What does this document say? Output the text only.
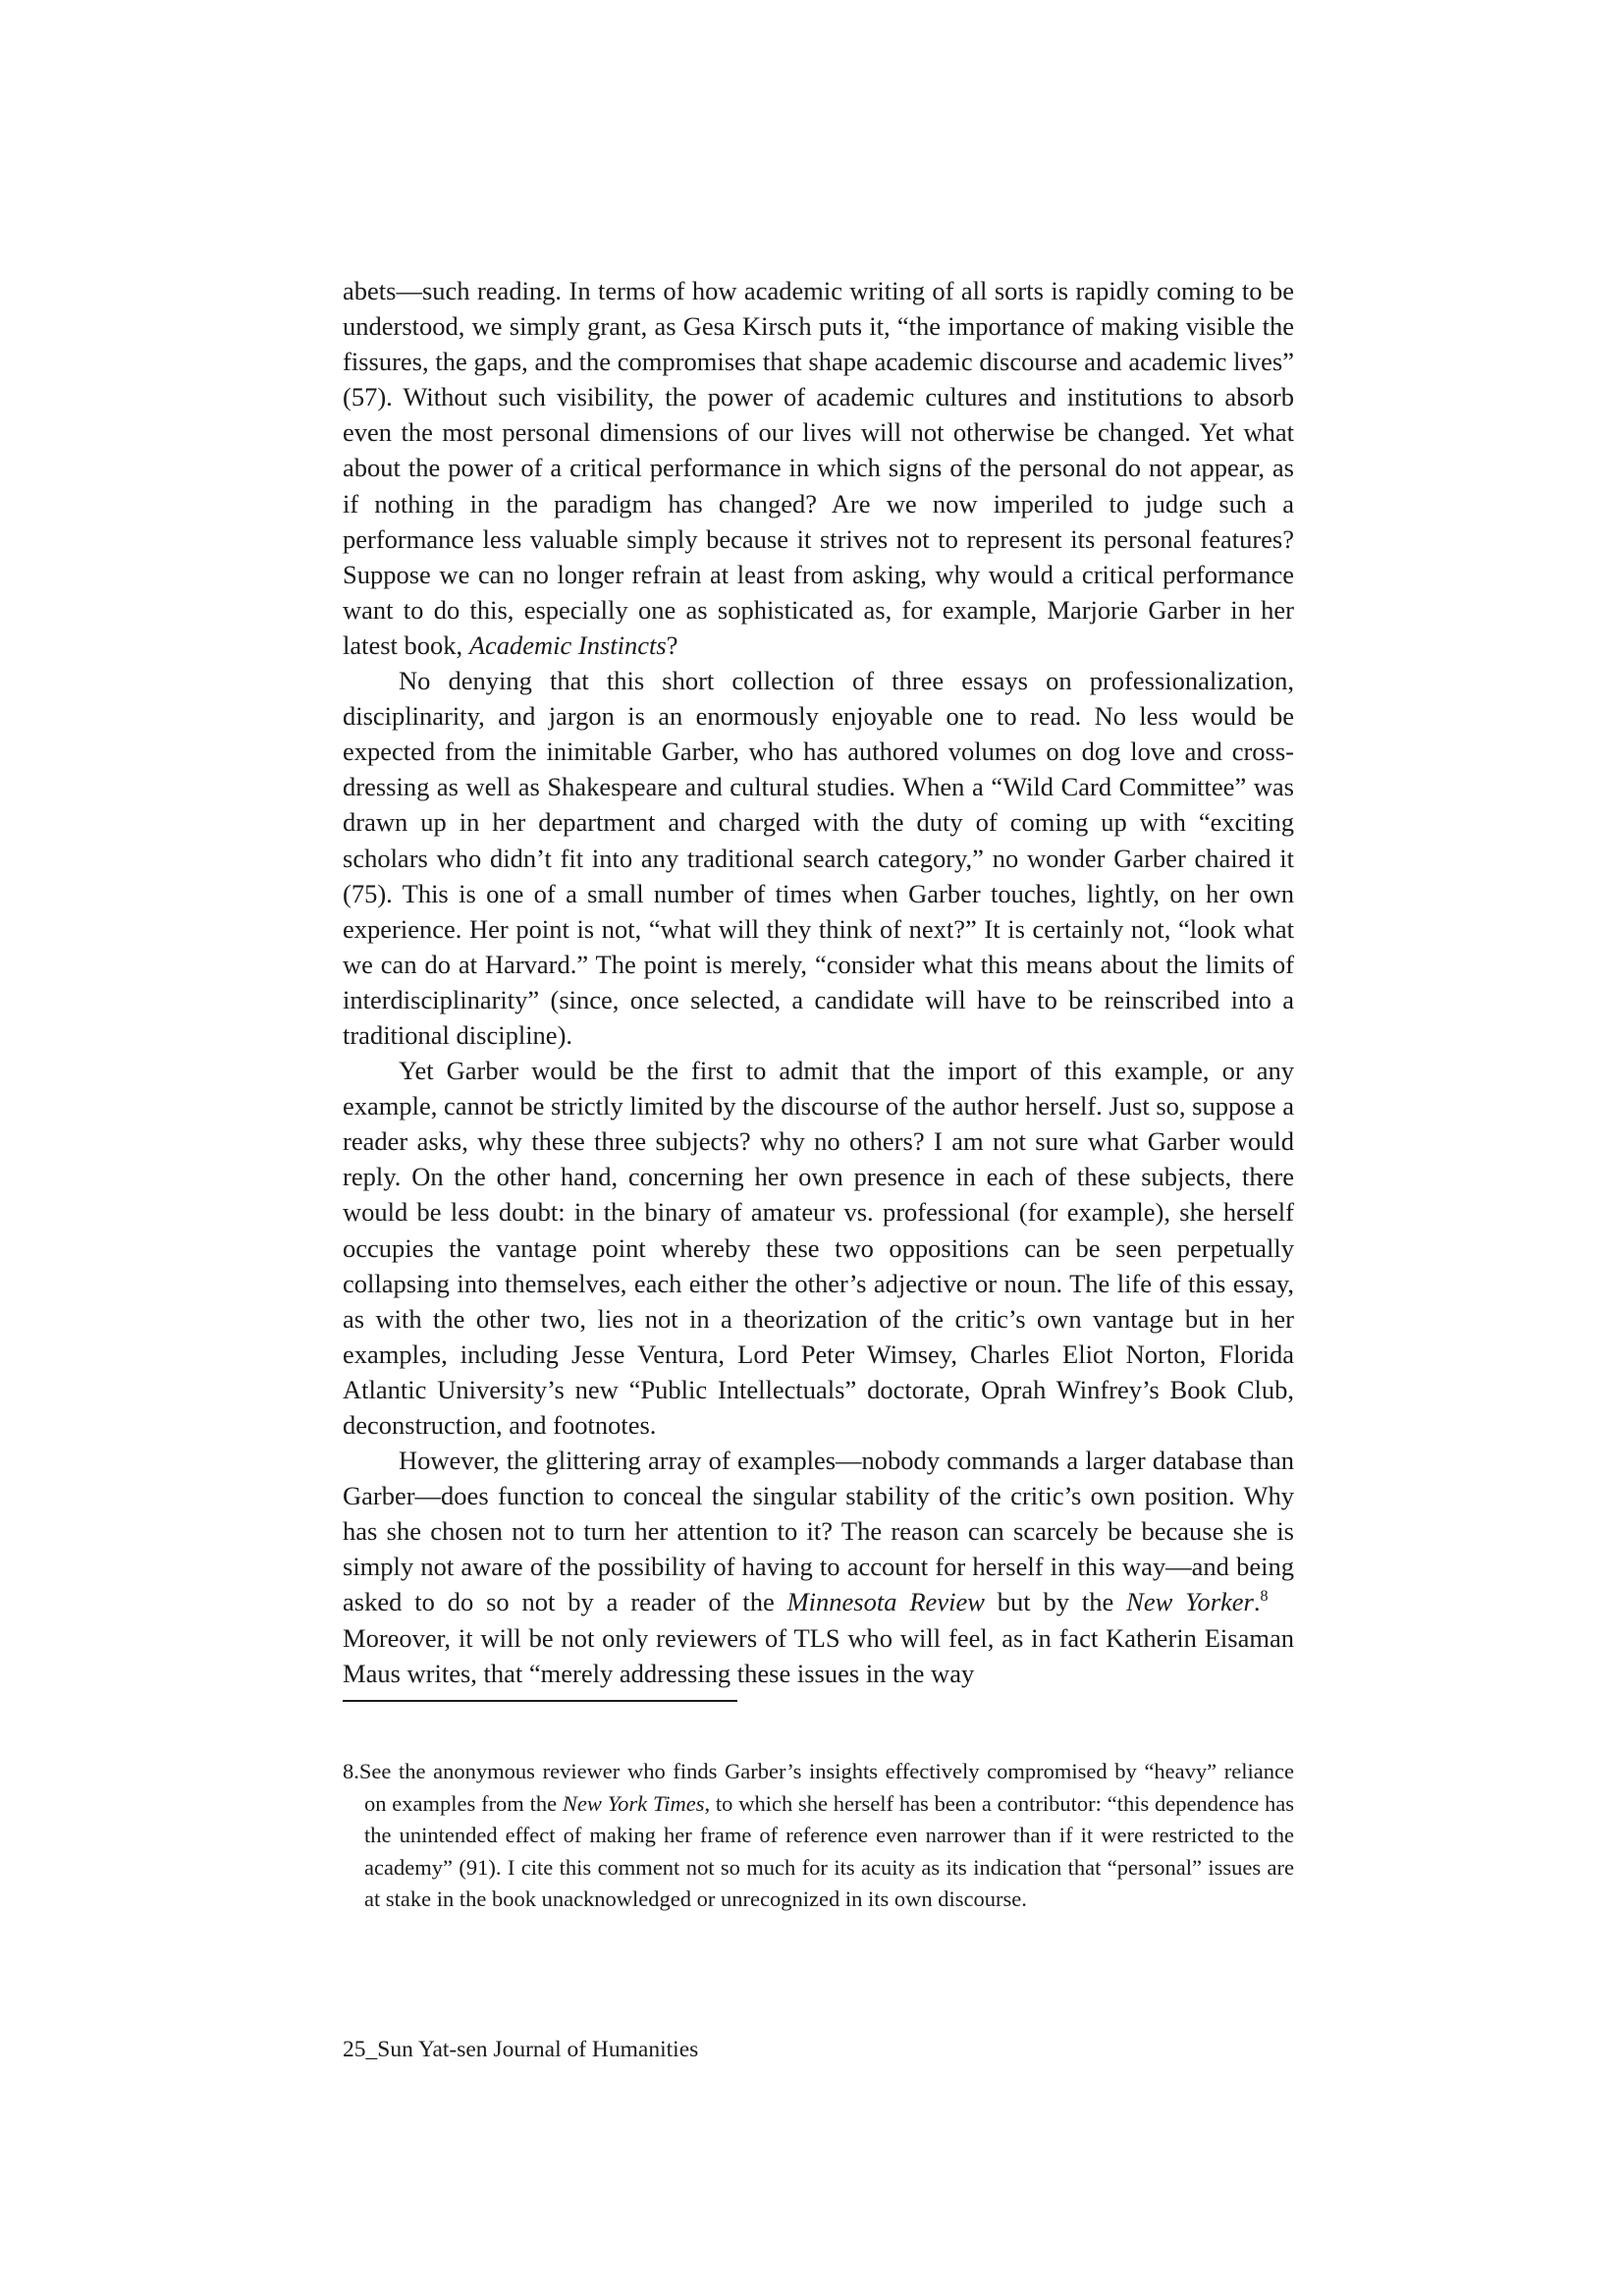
abets—such reading. In terms of how academic writing of all sorts is rapidly coming to be understood, we simply grant, as Gesa Kirsch puts it, “the importance of making visible the fissures, the gaps, and the compromises that shape academic discourse and academic lives” (57). Without such visibility, the power of academic cultures and institutions to absorb even the most personal dimensions of our lives will not otherwise be changed. Yet what about the power of a critical performance in which signs of the personal do not appear, as if nothing in the paradigm has changed? Are we now imperiled to judge such a performance less valuable simply because it strives not to represent its personal features? Suppose we can no longer refrain at least from asking, why would a critical performance want to do this, especially one as sophisticated as, for example, Marjorie Garber in her latest book, Academic Instincts?

No denying that this short collection of three essays on professionalization, disciplinarity, and jargon is an enormously enjoyable one to read. No less would be expected from the inimitable Garber, who has authored volumes on dog love and cross-dressing as well as Shakespeare and cultural studies. When a “Wild Card Committee” was drawn up in her department and charged with the duty of coming up with “exciting scholars who didn’t fit into any traditional search category,” no wonder Garber chaired it (75). This is one of a small number of times when Garber touches, lightly, on her own experience. Her point is not, “what will they think of next?” It is certainly not, “look what we can do at Harvard.” The point is merely, “consider what this means about the limits of interdisciplinarity” (since, once selected, a candidate will have to be reinscribed into a traditional discipline).

Yet Garber would be the first to admit that the import of this example, or any example, cannot be strictly limited by the discourse of the author herself. Just so, suppose a reader asks, why these three subjects? why no others? I am not sure what Garber would reply. On the other hand, concerning her own presence in each of these subjects, there would be less doubt: in the binary of amateur vs. professional (for example), she herself occupies the vantage point whereby these two oppositions can be seen perpetually collapsing into themselves, each either the other’s adjective or noun. The life of this essay, as with the other two, lies not in a theorization of the critic’s own vantage but in her examples, including Jesse Ventura, Lord Peter Wimsey, Charles Eliot Norton, Florida Atlantic University’s new “Public Intellectuals” doctorate, Oprah Winfrey’s Book Club, deconstruction, and footnotes.

However, the glittering array of examples—nobody commands a larger database than Garber—does function to conceal the singular stability of the critic’s own position. Why has she chosen not to turn her attention to it? The reason can scarcely be because she is simply not aware of the possibility of having to account for herself in this way—and being asked to do so not by a reader of the Minnesota Review but by the New Yorker.$^8$ Moreover, it will be not only reviewers of TLS who will feel, as in fact Katherin Eisaman Maus writes, that “merely addressing these issues in the way

8.See the anonymous reviewer who finds Garber’s insights effectively compromised by “heavy” reliance on examples from the New York Times, to which she herself has been a contributor: “this dependence has the unintended effect of making her frame of reference even narrower than if it were restricted to the academy” (91). I cite this comment not so much for its acuity as its indication that “personal” issues are at stake in the book unacknowledged or unrecognized in its own discourse.
25_Sun Yat-sen Journal of Humanities
